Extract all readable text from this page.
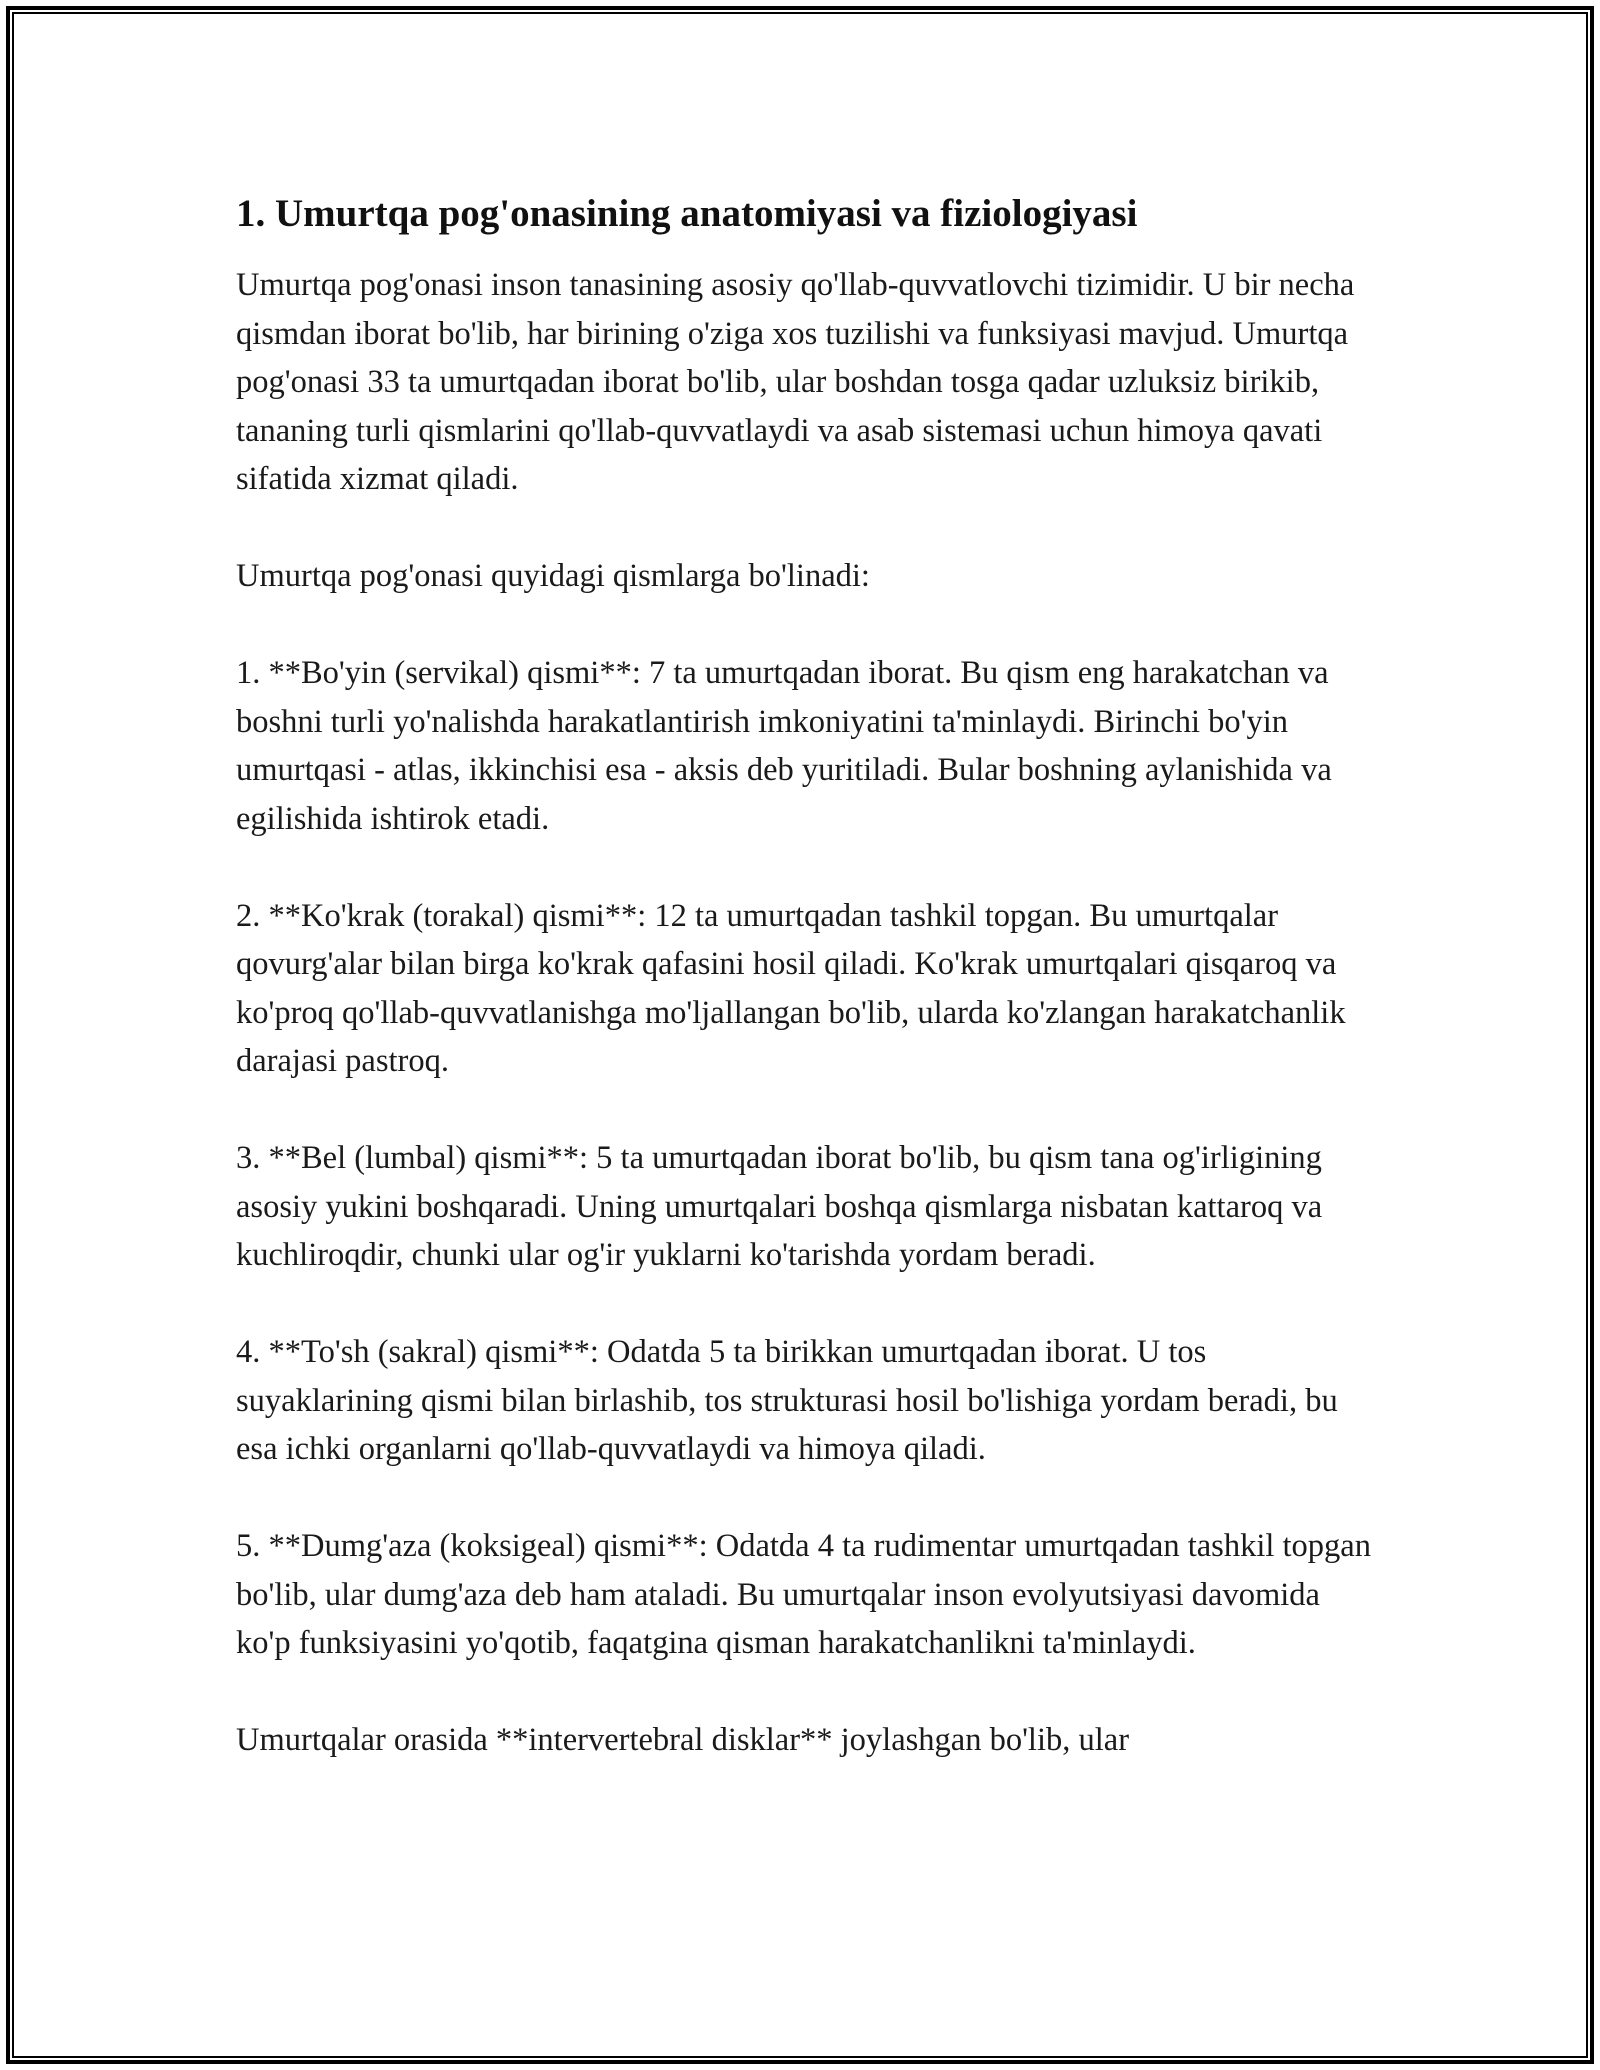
1. Umurtqa pog'onasining anatomiyasi va fiziologiyasi

Umurtqa pog'onasi inson tanasining asosiy qo'llab-quvvatlovchi tizimidir. U bir necha qismdan iborat bo'lib, har birining o'ziga xos tuzilishi va funksiyasi mavjud. Umurtqa pog'onasi 33 ta umurtqadan iborat bo'lib, ular boshdan tosga qadar uzluksiz birikib, tananing turli qismlarini qo'llab-quvvatlaydi va asab sistemasi uchun himoya qavati sifatida xizmat qiladi.

Umurtqa pog'onasi quyidagi qismlarga bo'linadi:

1. **Bo'yin (servikal) qismi**: 7 ta umurtqadan iborat. Bu qism eng harakatchan va boshni turli yo'nalishda harakatlantirish imkoniyatini ta'minlaydi. Birinchi bo'yin umurtqasi - atlas, ikkinchisi esa - aksis deb yuritiladi. Bular boshning aylanishida va egilishida ishtirok etadi.

2. **Ko'krak (torakal) qismi**: 12 ta umurtqadan tashkil topgan. Bu umurtqalar qovurg'alar bilan birga ko'krak qafasini hosil qiladi. Ko'krak umurtqalari qisqaroq va ko'proq qo'llab-quvvatlanishga mo'ljallangan bo'lib, ularda ko'zlangan harakatchanlik darajasi pastroq.

3. **Bel (lumbal) qismi**: 5 ta umurtqadan iborat bo'lib, bu qism tana og'irligining asosiy yukini boshqaradi. Uning umurtqalari boshqa qismlarga nisbatan kattaroq va kuchliroqdir, chunki ular og'ir yuklarni ko'tarishda yordam beradi.

4. **To'sh (sakral) qismi**: Odatda 5 ta birikkan umurtqadan iborat. U tos suyaklarining qismi bilan birlashib, tos strukturasi hosil bo'lishiga yordam beradi, bu esa ichki organlarni qo'llab-quvvatlaydi va himoya qiladi.

5. **Dumg'aza (koksigeal) qismi**: Odatda 4 ta rudimentar umurtqadan tashkil topgan bo'lib, ular dumg'aza deb ham ataladi. Bu umurtqalar inson evolyutsiyasi davomida ko'p funksiyasini yo'qotib, faqatgina qisman harakatchanlikni ta'minlaydi.

Umurtqalar orasida **intervertebral disklar** joylashgan bo'lib, ular
